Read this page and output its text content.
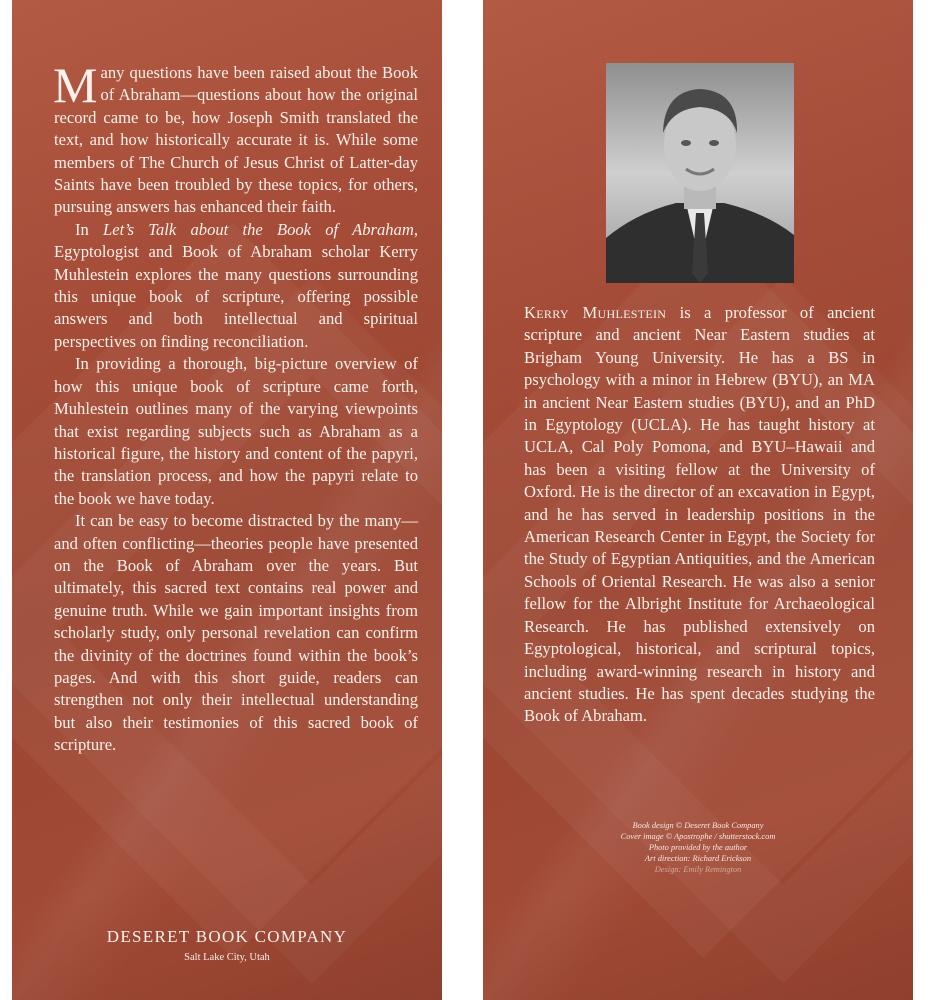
Many questions have been raised about the Book of Abraham—questions about how the original record came to be, how Joseph Smith translated the text, and how historically accurate it is. While some members of The Church of Jesus Christ of Latter-day Saints have been troubled by these topics, for others, pursuing answers has enhanced their faith.

In Let’s Talk about the Book of Abraham, Egyptologist and Book of Abraham scholar Kerry Muhlestein explores the many questions surrounding this unique book of scripture, offering possible answers and both intellectual and spiritual perspectives on finding reconciliation.

In providing a thorough, big-picture overview of how this unique book of scripture came forth, Muhlestein outlines many of the varying viewpoints that exist regarding subjects such as Abraham as a historical figure, the history and content of the papyri, the translation process, and how the papyri relate to the book we have today.

It can be easy to become distracted by the many—and often conflicting—theories people have presented on the Book of Abraham over the years. But ultimately, this sacred text contains real power and genuine truth. While we gain important insights from scholarly study, only personal revelation can confirm the divinity of the doctrines found within the book’s pages. And with this short guide, readers can strengthen not only their intellectual understanding but also their testimonies of this sacred book of scripture.

DESERET BOOK COMPANY
Salt Lake City, Utah

Kerry Muhlestein is a professor of ancient scripture and ancient Near Eastern studies at Brigham Young University. He has a BS in psychology with a minor in Hebrew (BYU), an MA in ancient Near Eastern studies (BYU), and an PhD in Egyptology (UCLA). He has taught history at UCLA, Cal Poly Pomona, and BYU–Hawaii and has been a visiting fellow at the University of Oxford. He is the director of an excavation in Egypt, and he has served in leadership positions in the American Research Center in Egypt, the Society for the Study of Egyptian Antiquities, and the American Schools of Oriental Research. He was also a senior fellow for the Albright Institute for Archaeological Research. He has published extensively on Egyptological, historical, and scriptural topics, including award-winning research in history and ancient studies. He has spent decades studying the Book of Abraham.

Book design © Deseret Book Company
Cover image © Apostrophe / shutterstock.com
Photo provided by the author
Art direction: Richard Erickson
Design: Emily Remington
